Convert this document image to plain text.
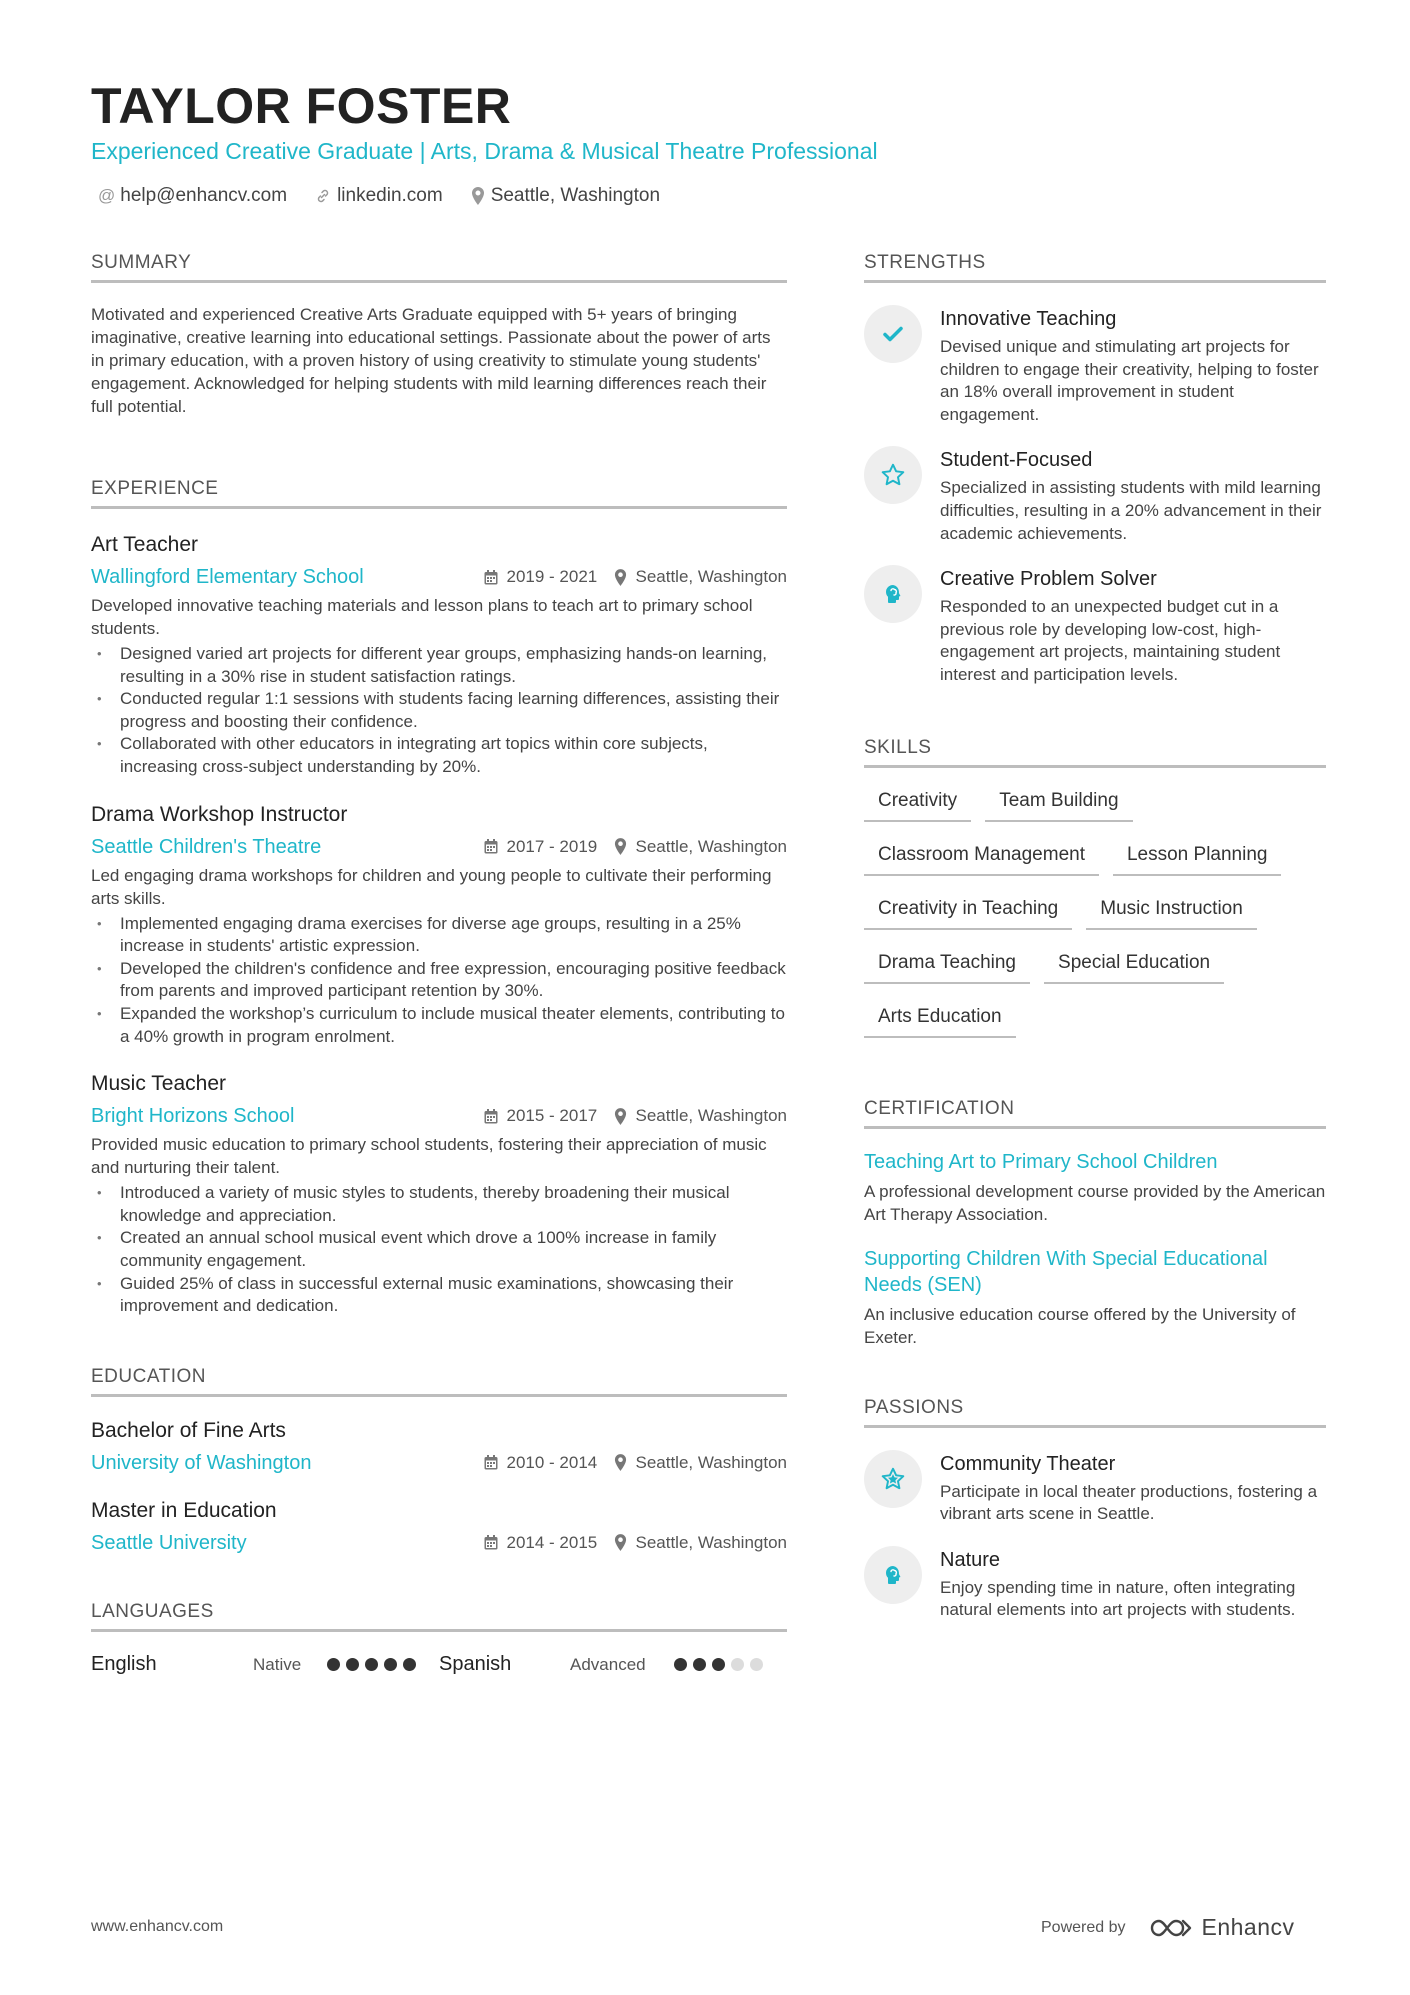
TAYLOR FOSTER
Experienced Creative Graduate | Arts, Drama & Musical Theatre Professional
@ help@enhancv.com	linkedin.com	Seattle, Washington
SUMMARY
Motivated and experienced Creative Arts Graduate equipped with 5+ years of bringing imaginative, creative learning into educational settings. Passionate about the power of arts in primary education, with a proven history of using creativity to stimulate young students' engagement. Acknowledged for helping students with mild learning differences reach their full potential.
EXPERIENCE
Art Teacher
Wallingford Elementary School	2019 - 2021 Seattle, Washington
Developed innovative teaching materials and lesson plans to teach art to primary school students.
• Designed varied art projects for different year groups, emphasizing hands-on learning, resulting in a 30% rise in student satisfaction ratings.
• Conducted regular 1:1 sessions with students facing learning differences, assisting their progress and boosting their confidence.
• Collaborated with other educators in integrating art topics within core subjects, increasing cross-subject understanding by 20%.
Drama Workshop Instructor
Seattle Children's Theatre	2017 - 2019 Seattle, Washington
Led engaging drama workshops for children and young people to cultivate their performing arts skills.
• Implemented engaging drama exercises for diverse age groups, resulting in a 25% increase in students' artistic expression.
• Developed the children's confidence and free expression, encouraging positive feedback from parents and improved participant retention by 30%.
• Expanded the workshop’s curriculum to include musical theater elements, contributing to a 40% growth in program enrolment.
Music Teacher
Bright Horizons School	2015 - 2017 Seattle, Washington
Provided music education to primary school students, fostering their appreciation of music and nurturing their talent.
• Introduced a variety of music styles to students, thereby broadening their musical knowledge and appreciation.
• Created an annual school musical event which drove a 100% increase in family community engagement.
• Guided 25% of class in successful external music examinations, showcasing their improvement and dedication.
EDUCATION
Bachelor of Fine Arts
University of Washington	2010 - 2014 Seattle, Washington
Master in Education
Seattle University	2014 - 2015 Seattle, Washington
LANGUAGES
English	Native	Spanish	Advanced
STRENGTHS
Innovative Teaching
Devised unique and stimulating art projects for children to engage their creativity, helping to foster an 18% overall improvement in student engagement.
Student-Focused
Specialized in assisting students with mild learning difficulties, resulting in a 20% advancement in their academic achievements.
Creative Problem Solver
Responded to an unexpected budget cut in a previous role by developing low-cost, high-engagement art projects, maintaining student interest and participation levels.
SKILLS
Creativity	Team Building
Classroom Management	Lesson Planning
Creativity in Teaching	Music Instruction
Drama Teaching	Special Education
Arts Education
CERTIFICATION
Teaching Art to Primary School Children
A professional development course provided by the American Art Therapy Association.
Supporting Children With Special Educational Needs (SEN)
An inclusive education course offered by the University of Exeter.
PASSIONS
Community Theater
Participate in local theater productions, fostering a vibrant arts scene in Seattle.
Nature
Enjoy spending time in nature, often integrating natural elements into art projects with students.
www.enhancv.com	Powered by	Enhancv
